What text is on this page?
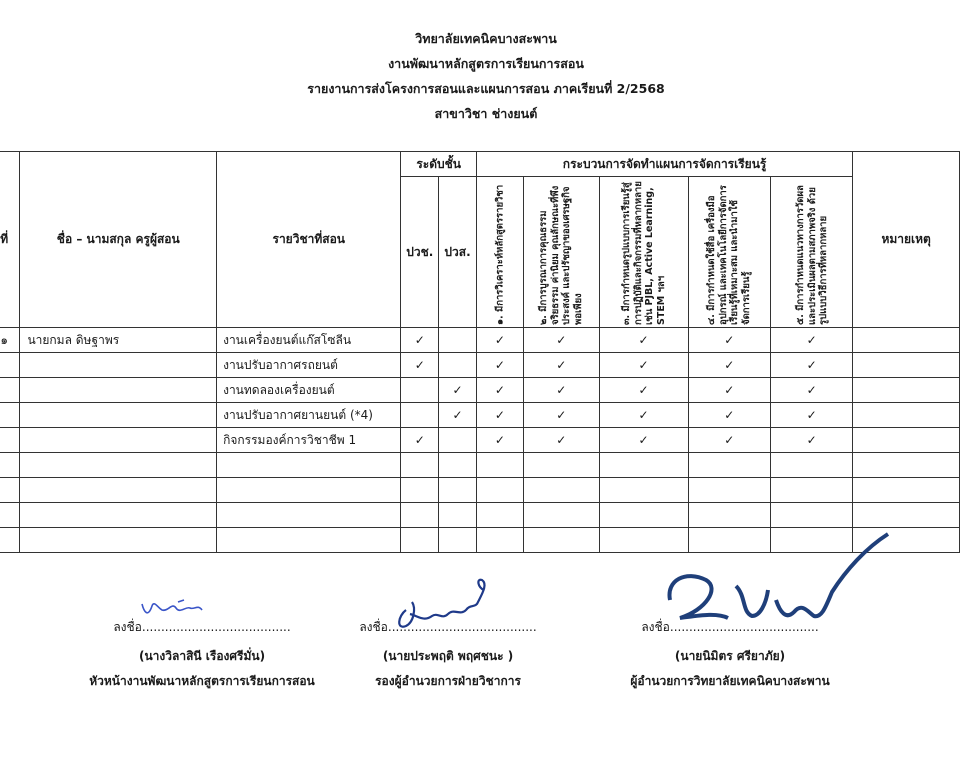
วิทยาลัยเทคนิคบางสะพาน
งานพัฒนาหลักสูตรการเรียนการสอน
รายงานการส่งโครงการสอนและแผนการสอน ภาคเรียนที่ 2/2568
สาขาวิชา ช่างยนต์
ที่	ชื่อ – นามสกุล ครูผู้สอน	รายวิชาที่สอน	ระดับชั้น		กระบวนการจัดทำแผนการจัดการเรียนรู้					หมายเหตุ
			ปวช.	ปวส.	๑. มีการวิเคราะห์หลักสูตรรายวิชา	๒. มีการบูรณาการคุณธรรม จริยธรรม ค่านิยม คุณลักษณะที่พึงประสงค์ และปรัชญาของเศรษฐกิจพอเพียง	๓. มีการกำหนดรูปแบบการเรียนรู้สู่การปฏิบัติและกิจกรรมที่หลากหลาย เช่น PJBL, Active Learning, STEM ฯลฯ	๔. มีการกำหนดใช้สื่อ เครื่องมือ อุปกรณ์ และเทคโนโลยีการจัดการเรียนรู้ที่เหมาะสม และนำมาใช้จัดการเรียนรู้	๕. มีการกำหนดแนวทางการวัดผลและประเมินผลตามสภาพจริง ด้วยรูปแบบวิธีการที่หลากหลาย	

๑	นายกมล ดิษฐาพร	งานเครื่องยนต์แก๊สโซลีน	✓		✓	✓	✓	✓	✓	
		งานปรับอากาศรถยนต์	✓		✓	✓	✓	✓	✓	
		งานทดลองเครื่องยนต์		✓	✓	✓	✓	✓	✓	
		งานปรับอากาศยานยนต์ (*4)		✓	✓	✓	✓	✓	✓	
		กิจกรรมองค์การวิชาชีพ 1	✓		✓	✓	✓	✓	✓	

ลงชื่อ.......................................
(นางวิลาสินี เรืองศรีมั่น)
หัวหน้างานพัฒนาหลักสูตรการเรียนการสอน
ลงชื่อ.......................................
(นายประพฤติ พฤศชนะ )
รองผู้อำนวยการฝ่ายวิชาการ
ลงชื่อ.......................................
(นายนิมิตร ศรียาภัย)
ผู้อำนวยการวิทยาลัยเทคนิคบางสะพาน
